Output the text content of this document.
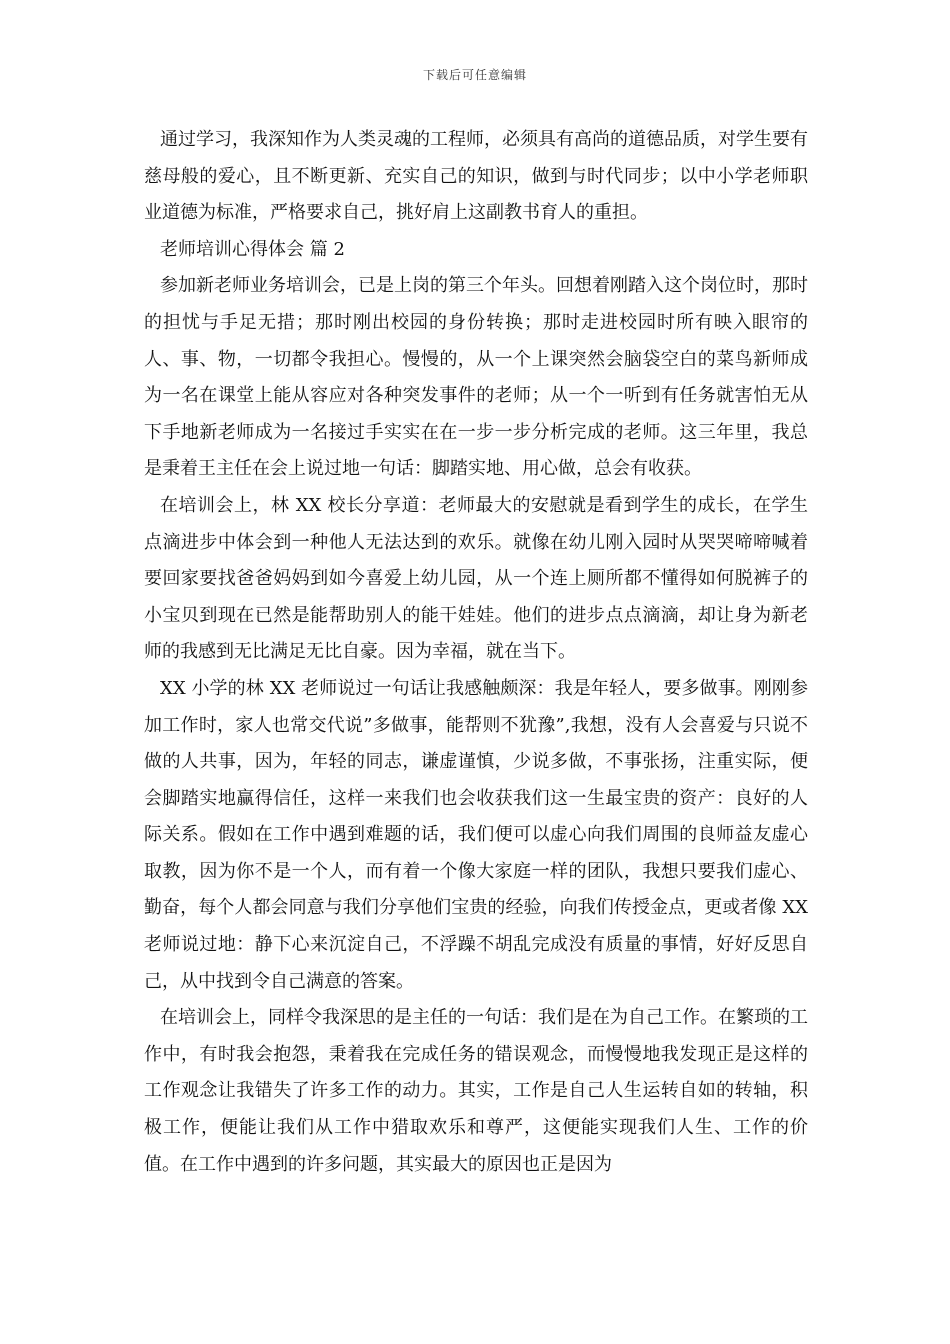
下载后可任意编辑

通过学习，我深知作为人类灵魂的工程师，必须具有高尚的道德品质，对学生要有慈母般的爱心，且不断更新、充实自己的知识，做到与时代同步；以中小学老师职业道德为标准，严格要求自己，挑好肩上这副教书育人的重担。

老师培训心得体会 篇 2

参加新老师业务培训会，已是上岗的第三个年头。回想着刚踏入这个岗位时，那时的担忧与手足无措；那时刚出校园的身份转换；那时走进校园时所有映入眼帘的人、事、物，一切都令我担心。慢慢的，从一个上课突然会脑袋空白的菜鸟新师成为一名在课堂上能从容应对各种突发事件的老师；从一个一听到有任务就害怕无从下手地新老师成为一名接过手实实在在一步一步分析完成的老师。这三年里，我总是秉着王主任在会上说过地一句话：脚踏实地、用心做，总会有收获。

在培训会上，林 XX 校长分享道：老师最大的安慰就是看到学生的成长，在学生点滴进步中体会到一种他人无法达到的欢乐。就像在幼儿刚入园时从哭哭啼啼喊着要回家要找爸爸妈妈到如今喜爱上幼儿园，从一个连上厕所都不懂得如何脱裤子的小宝贝到现在已然是能帮助别人的能干娃娃。他们的进步点点滴滴，却让身为新老师的我感到无比满足无比自豪。因为幸福，就在当下。

XX 小学的林 XX 老师说过一句话让我感触颇深：我是年轻人，要多做事。刚刚参加工作时，家人也常交代说”多做事，能帮则不犹豫”,我想，没有人会喜爱与只说不做的人共事，因为，年轻的同志，谦虚谨慎，少说多做，不事张扬，注重实际，便会脚踏实地赢得信任，这样一来我们也会收获我们这一生最宝贵的资产：良好的人际关系。假如在工作中遇到难题的话，我们便可以虚心向我们周围的良师益友虚心取教，因为你不是一个人，而有着一个像大家庭一样的团队，我想只要我们虚心、勤奋，每个人都会同意与我们分享他们宝贵的经验，向我们传授金点，更或者像 XX 老师说过地：静下心来沉淀自己，不浮躁不胡乱完成没有质量的事情，好好反思自己，从中找到令自己满意的答案。

在培训会上，同样令我深思的是主任的一句话：我们是在为自己工作。在繁琐的工作中，有时我会抱怨，秉着我在完成任务的错误观念，而慢慢地我发现正是这样的工作观念让我错失了许多工作的动力。其实，工作是自己人生运转自如的转轴，积极工作，便能让我们从工作中猎取欢乐和尊严，这便能实现我们人生、工作的价值。在工作中遇到的许多问题，其实最大的原因也正是因为
